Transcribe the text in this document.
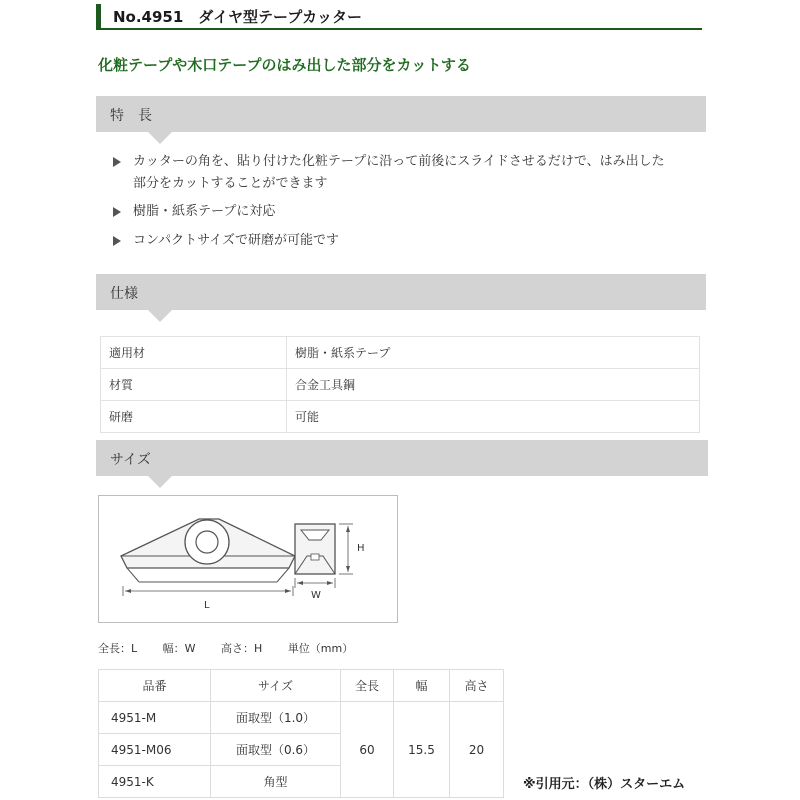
No.4951　ダイヤ型テープカッター
化粧テープや木口テープのはみ出した部分をカットする
特　長
カッターの角を、貼り付けた化粧テープに沿って前後にスライドさせるだけで、はみ出した
部分をカットすることができます
樹脂・紙系テープに対応
コンパクトサイズで研磨が可能です
仕様
適用材	樹脂・紙系テープ
材質	合金工具鋼
研磨	可能
サイズ
L
H
W
全長：L 幅：W 高さ：H 単位（mm）
品番	サイズ	全長	幅	高さ
4951-M	面取型（1.0）	60	15.5	20
4951-M06	面取型（0.6）			
4951-K	角型				※引用元：（株）スターエム
